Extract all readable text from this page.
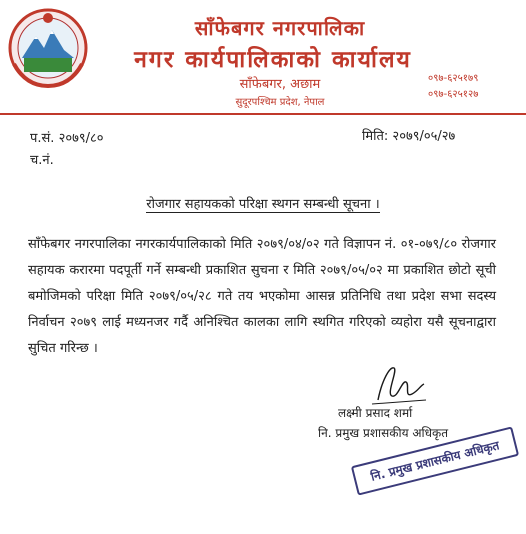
साँफेबगर नगरपालिका
नगर कार्यपालिकाको कार्यालय
साँफेबगर, अछाम
सुदूरपश्चिम प्रदेश, नेपाल
०९७-६२५१७९
०९७-६२५१२७
प.सं. २०७९/८०
च.नं.
मिति: २०७९/०५/२७
रोजगार सहायकको परिक्षा स्थगन सम्बन्धी सूचना ।
साँफेबगर नगरपालिका नगरकार्यपालिकाको मिति २०७९/०४/०२ गते विज्ञापन नं. ०१-०७९/८० रोजगार सहायक करारमा पदपूर्ती गर्ने सम्बन्धी प्रकाशित सुचना र मिति २०७९/०५/०२ मा प्रकाशित छोटो सूची बमोजिमको परिक्षा मिति २०७९/०५/२८ गते तय भएकोमा आसन्न प्रतिनिधि तथा प्रदेश सभा सदस्य निर्वाचन २०७९ लाई मध्यनजर गर्दै अनिश्चित कालका लागि स्थगित गरिएको व्यहोरा यसै सूचनाद्वारा सुचित गरिन्छ ।
लक्ष्मी प्रसाद शर्मा
नि. प्रमुख प्रशासकीय अधिकृत
नि. प्रमुख प्रशासकीय अधिकृत
